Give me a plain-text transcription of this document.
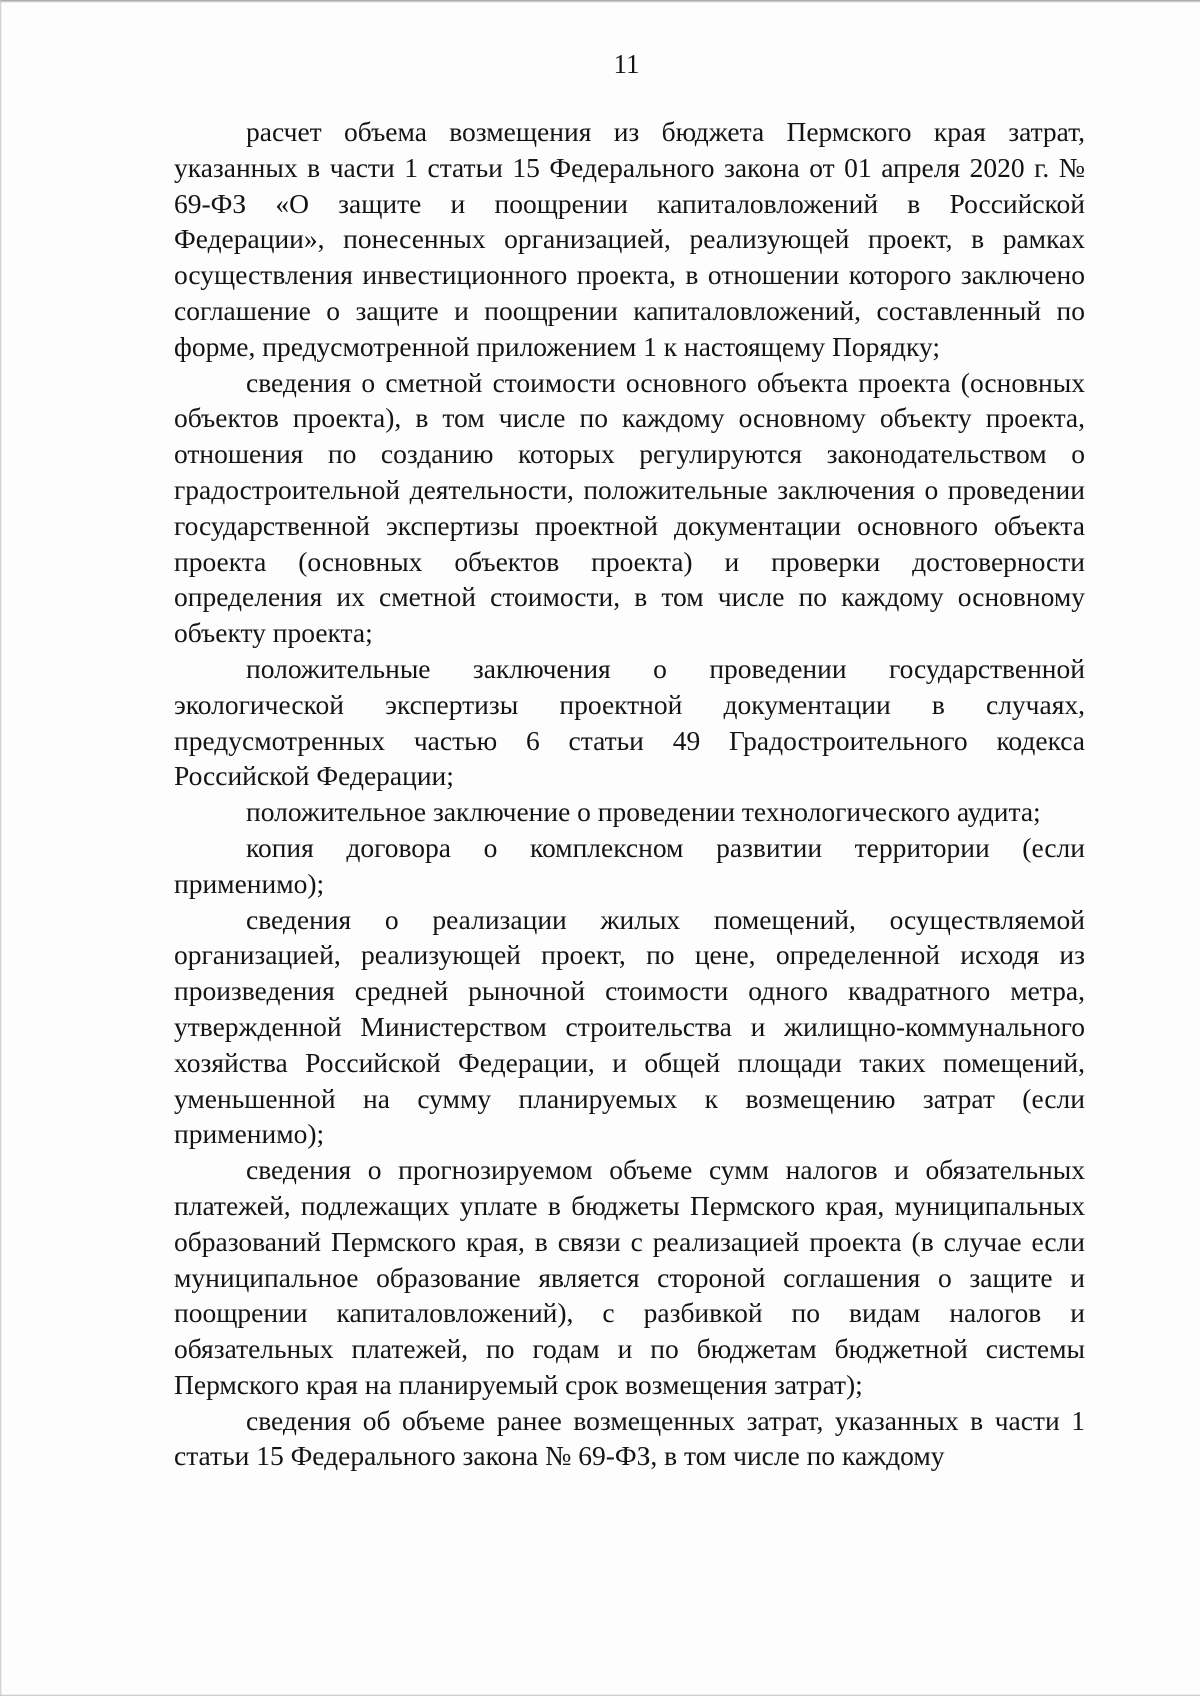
11

расчет объема возмещения из бюджета Пермского края затрат, указанных в части 1 статьи 15 Федерального закона от 01 апреля 2020 г. № 69-ФЗ «О защите и поощрении капиталовложений в Российской Федерации», понесенных организацией, реализующей проект, в рамках осуществления инвестиционного проекта, в отношении которого заключено соглашение о защите и поощрении капиталовложений, составленный по форме, предусмотренной приложением 1 к настоящему Порядку;

сведения о сметной стоимости основного объекта проекта (основных объектов проекта), в том числе по каждому основному объекту проекта, отношения по созданию которых регулируются законодательством о градостроительной деятельности, положительные заключения о проведении государственной экспертизы проектной документации основного объекта проекта (основных объектов проекта) и проверки достоверности определения их сметной стоимости, в том числе по каждому основному объекту проекта;

положительные заключения о проведении государственной экологической экспертизы проектной документации в случаях, предусмотренных частью 6 статьи 49 Градостроительного кодекса Российской Федерации;

положительное заключение о проведении технологического аудита;

копия договора о комплексном развитии территории (если применимо);

сведения о реализации жилых помещений, осуществляемой организацией, реализующей проект, по цене, определенной исходя из произведения средней рыночной стоимости одного квадратного метра, утвержденной Министерством строительства и жилищно-коммунального хозяйства Российской Федерации, и общей площади таких помещений, уменьшенной на сумму планируемых к возмещению затрат (если применимо);

сведения о прогнозируемом объеме сумм налогов и обязательных платежей, подлежащих уплате в бюджеты Пермского края, муниципальных образований Пермского края, в связи с реализацией проекта (в случае если муниципальное образование является стороной соглашения о защите и поощрении капиталовложений), с разбивкой по видам налогов и обязательных платежей, по годам и по бюджетам бюджетной системы Пермского края на планируемый срок возмещения затрат);

сведения об объеме ранее возмещенных затрат, указанных в части 1 статьи 15 Федерального закона № 69-ФЗ, в том числе по каждому
